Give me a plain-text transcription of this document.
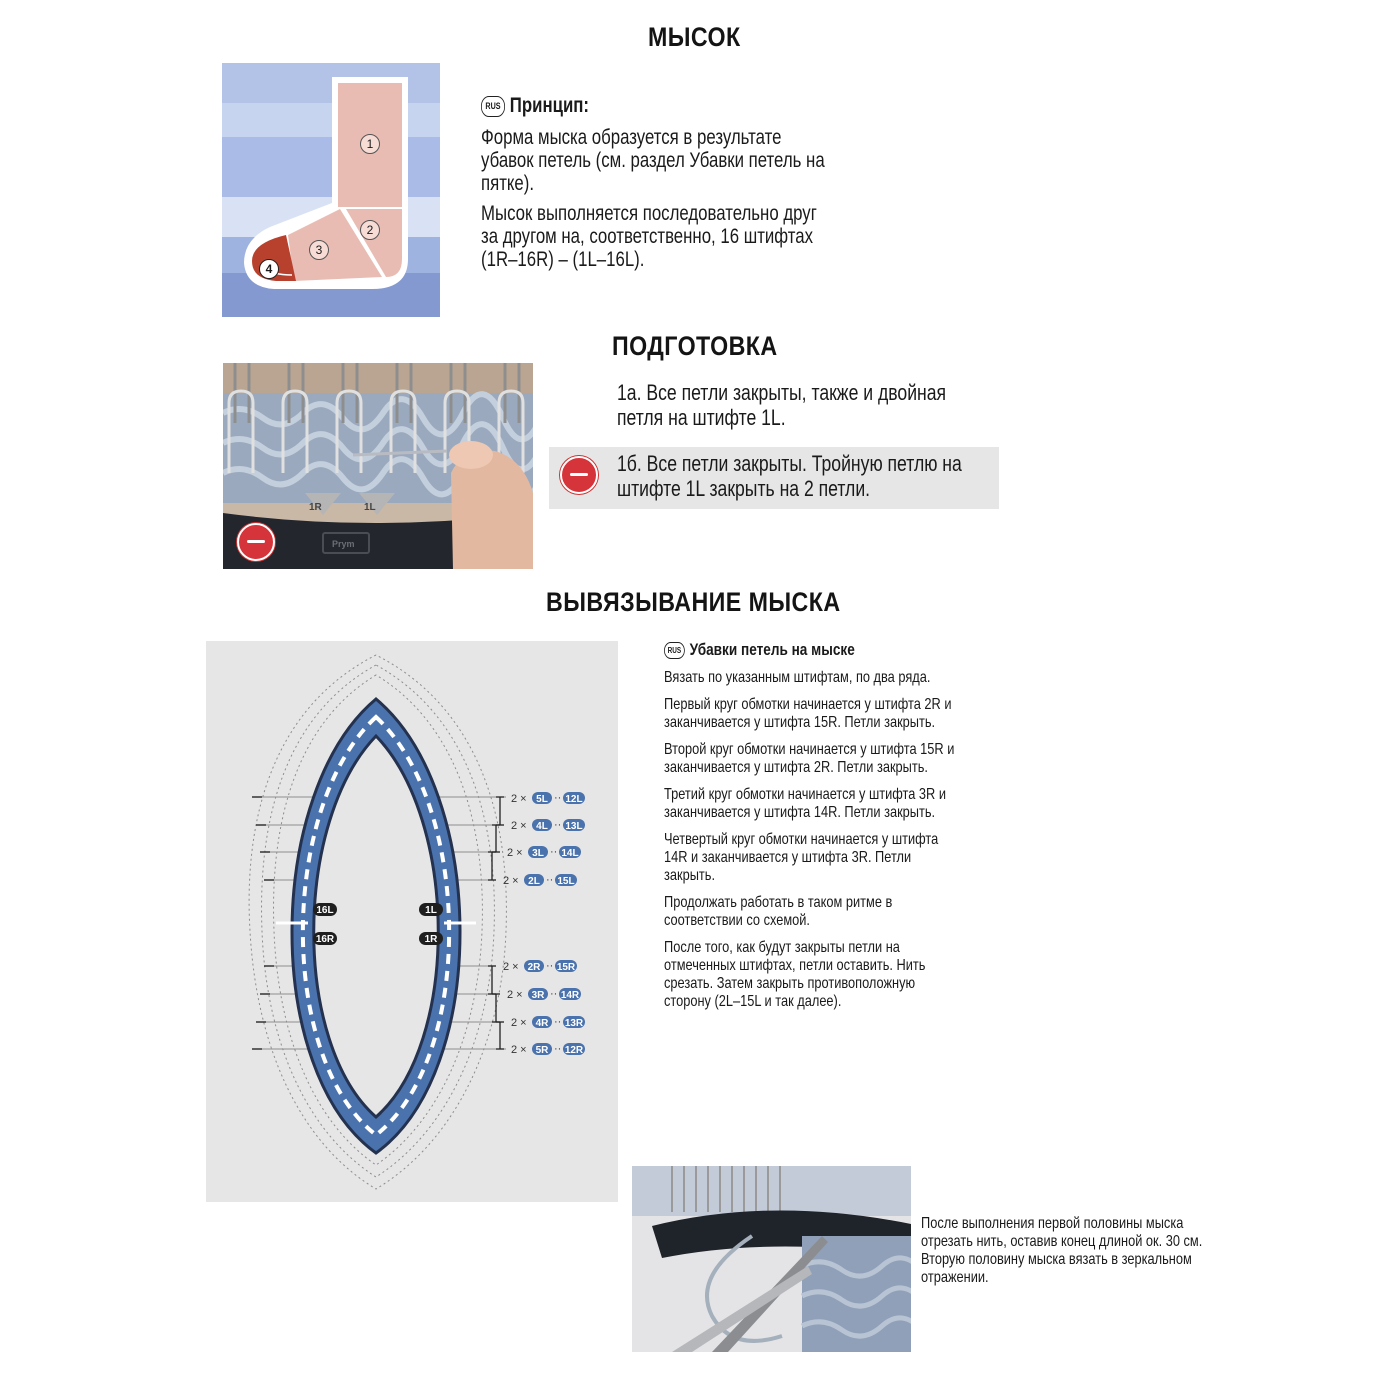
МЫСОК
1
2
3
4
RUS Принцип:

Форма мыска образуется в результате убавок петель (см. раздел Убавки петель на пятке).

Мысок выполняется последовательно друг за другом на, соответственно, 16 штифтах (1R–16R) – (1L–16L).

ПОДГОТОВКА
1R	1L
Prym

1а. Все петли закрыты, также и двойная петля на штифте 1L.

1б. Все петли закрыты. Тройную петлю на штифте 1L закрыть на 2 петли.

ВЫВЯЗЫВАНИЕ МЫСКА
16L	1L
16R	1R
2 × 5L ·· 12L
2 × 4L ·· 13L
2 × 3L ·· 14L
2 × 2L ·· 15L
2 × 2R ·· 15R
2 × 3R ·· 14R
2 × 4R ·· 13R
2 × 5R ·· 12R
RUS Убавки петель на мыске

Вязать по указанным штифтам, по два ряда.

Первый круг обмотки начинается у штифта 2R и заканчивается у штифта 15R. Петли закрыть.

Второй круг обмотки начинается у штифта 15R и заканчивается у штифта 2R. Петли закрыть.

Третий круг обмотки начинается у штифта 3R и заканчивается у штифта 14R. Петли закрыть.

Четвертый круг обмотки начинается у штифта 14R и заканчивается у штифта 3R. Петли закрыть.

Продолжать работать в таком ритме в соответствии со схемой.

После того, как будут закрыты петли на отмеченных штифтах, петли оставить. Нить срезать. Затем закрыть противоположную сторону (2L–15L и так далее).

После выполнения первой половины мыска отрезать нить, оставив конец длиной ок. 30 см. Вторую половину мыска вязать в зеркальном отражении.
